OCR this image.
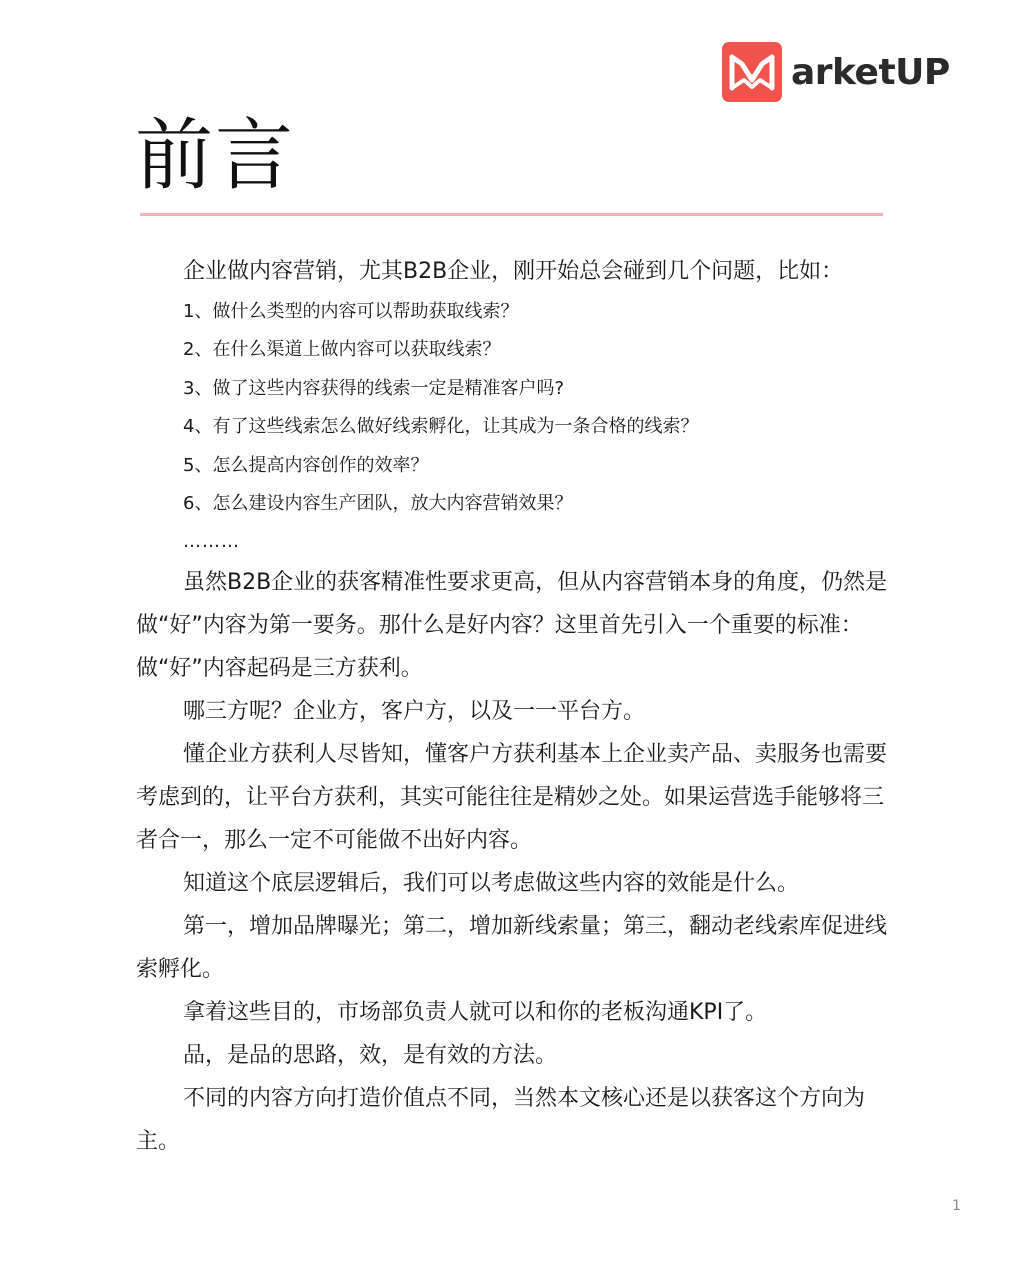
arketUP
前言

企业做内容营销，尤其B2B企业，刚开始总会碰到几个问题，比如：

1、做什么类型的内容可以帮助获取线索？

2、在什么渠道上做内容可以获取线索？

3、做了这些内容获得的线索一定是精准客户吗?

4、有了这些线索怎么做好线索孵化，让其成为一条合格的线索？

5、怎么提高内容创作的效率？

6、怎么建设内容生产团队，放大内容营销效果？

………

虽然B2B企业的获客精准性要求更高，但从内容营销本身的角度，仍然是做“好”内容为第一要务。那什么是好内容？这里首先引入一个重要的标准：做“好”内容起码是三方获利。

哪三方呢？企业方，客户方，以及一一平台方。

懂企业方获利人尽皆知，懂客户方获利基本上企业卖产品、卖服务也需要考虑到的，让平台方获利，其实可能往往是精妙之处。如果运营选手能够将三者合一，那么一定不可能做不出好内容。

知道这个底层逻辑后，我们可以考虑做这些内容的效能是什么。

第一，增加品牌曝光；第二，增加新线索量；第三，翻动老线索库促进线索孵化。

拿着这些目的，市场部负责人就可以和你的老板沟通KPI了。

品，是品的思路，效，是有效的方法。

不同的内容方向打造价值点不同，当然本文核心还是以获客这个方向为主。

1
